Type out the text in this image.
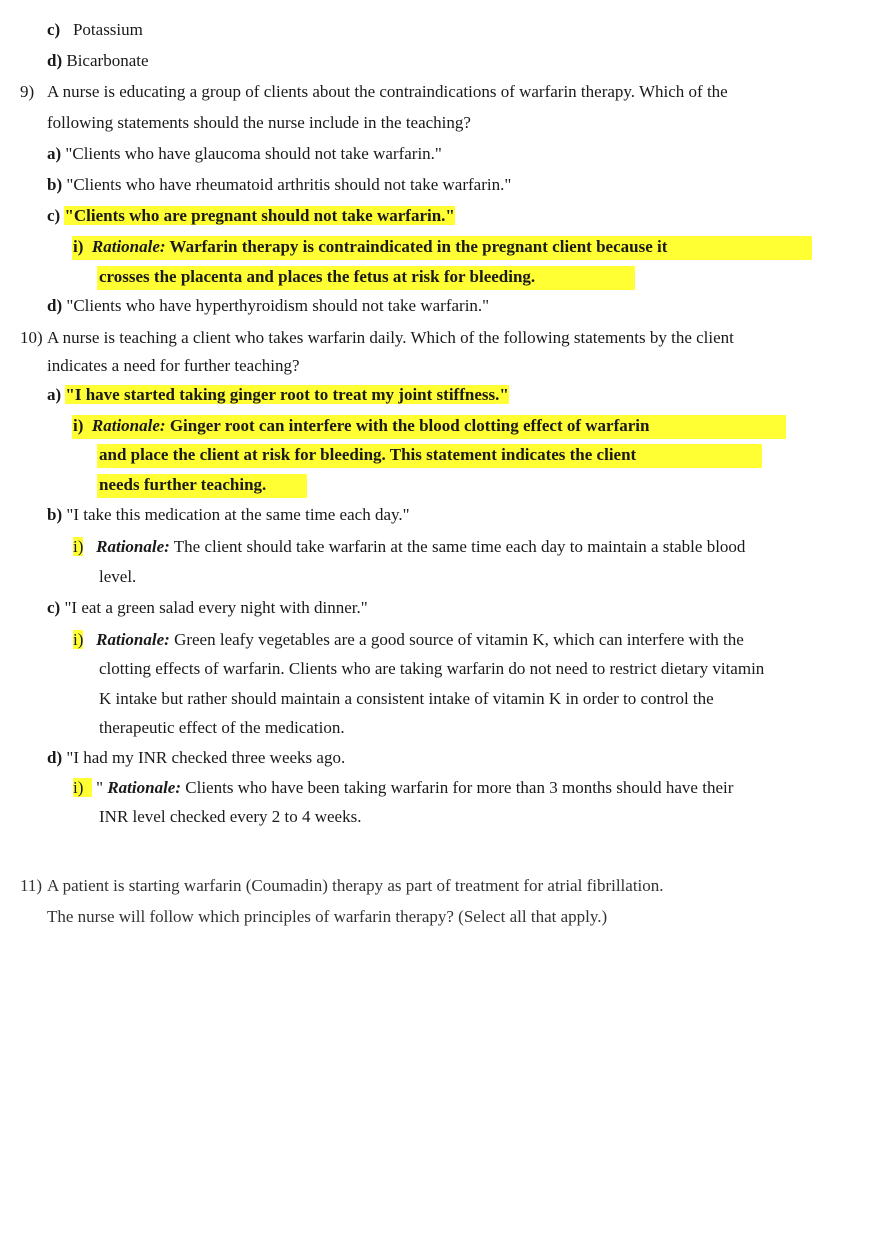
c) Potassium
d) Bicarbonate
9) A nurse is educating a group of clients about the contraindications of warfarin therapy. Which of the
following statements should the nurse include in the teaching?
a) "Clients who have glaucoma should not take warfarin."
b) "Clients who have rheumatoid arthritis should not take warfarin."
c) "Clients who are pregnant should not take warfarin."
i) Rationale: Warfarin therapy is contraindicated in the pregnant client because it
crosses the placenta and places the fetus at risk for bleeding.
d) "Clients who have hyperthyroidism should not take warfarin."
10) A nurse is teaching a client who takes warfarin daily. Which of the following statements by the client
indicates a need for further teaching?
a) "I have started taking ginger root to treat my joint stiffness."
i) Rationale: Ginger root can interfere with the blood clotting effect of warfarin
and place the client at risk for bleeding. This statement indicates the client
needs further teaching.
b) "I take this medication at the same time each day."
i) Rationale: The client should take warfarin at the same time each day to maintain a stable blood
level.
c) "I eat a green salad every night with dinner."
i) Rationale: Green leafy vegetables are a good source of vitamin K, which can interfere with the
clotting effects of warfarin. Clients who are taking warfarin do not need to restrict dietary vitamin
K intake but rather should maintain a consistent intake of vitamin K in order to control the
therapeutic effect of the medication.
d) "I had my INR checked three weeks ago.
i) " Rationale: Clients who have been taking warfarin for more than 3 months should have their
INR level checked every 2 to 4 weeks.
11) A patient is starting warfarin (Coumadin) therapy as part of treatment for atrial fibrillation.
The nurse will follow which principles of warfarin therapy? (Select all that apply.)
